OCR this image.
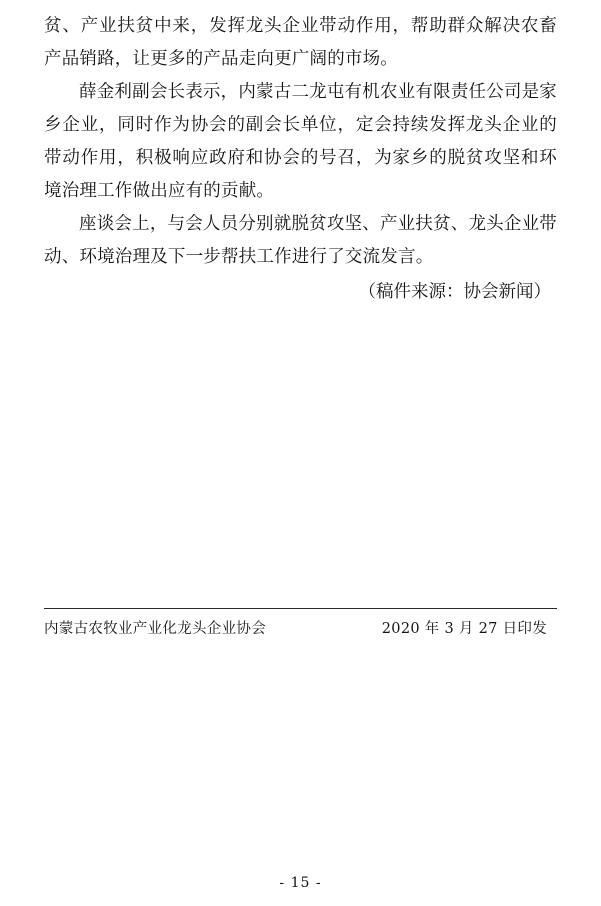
贫、产业扶贫中来，发挥龙头企业带动作用，帮助群众解决农畜产品销路，让更多的产品走向更广阔的市场。

薛金利副会长表示，内蒙古二龙屯有机农业有限责任公司是家乡企业，同时作为协会的副会长单位，定会持续发挥龙头企业的带动作用，积极响应政府和协会的号召，为家乡的脱贫攻坚和环境治理工作做出应有的贡献。

座谈会上，与会人员分别就脱贫攻坚、产业扶贫、龙头企业带动、环境治理及下一步帮扶工作进行了交流发言。

（稿件来源：协会新闻）

内蒙古农牧业产业化龙头企业协会	2020 年 3 月 27 日印发
- 15 -
